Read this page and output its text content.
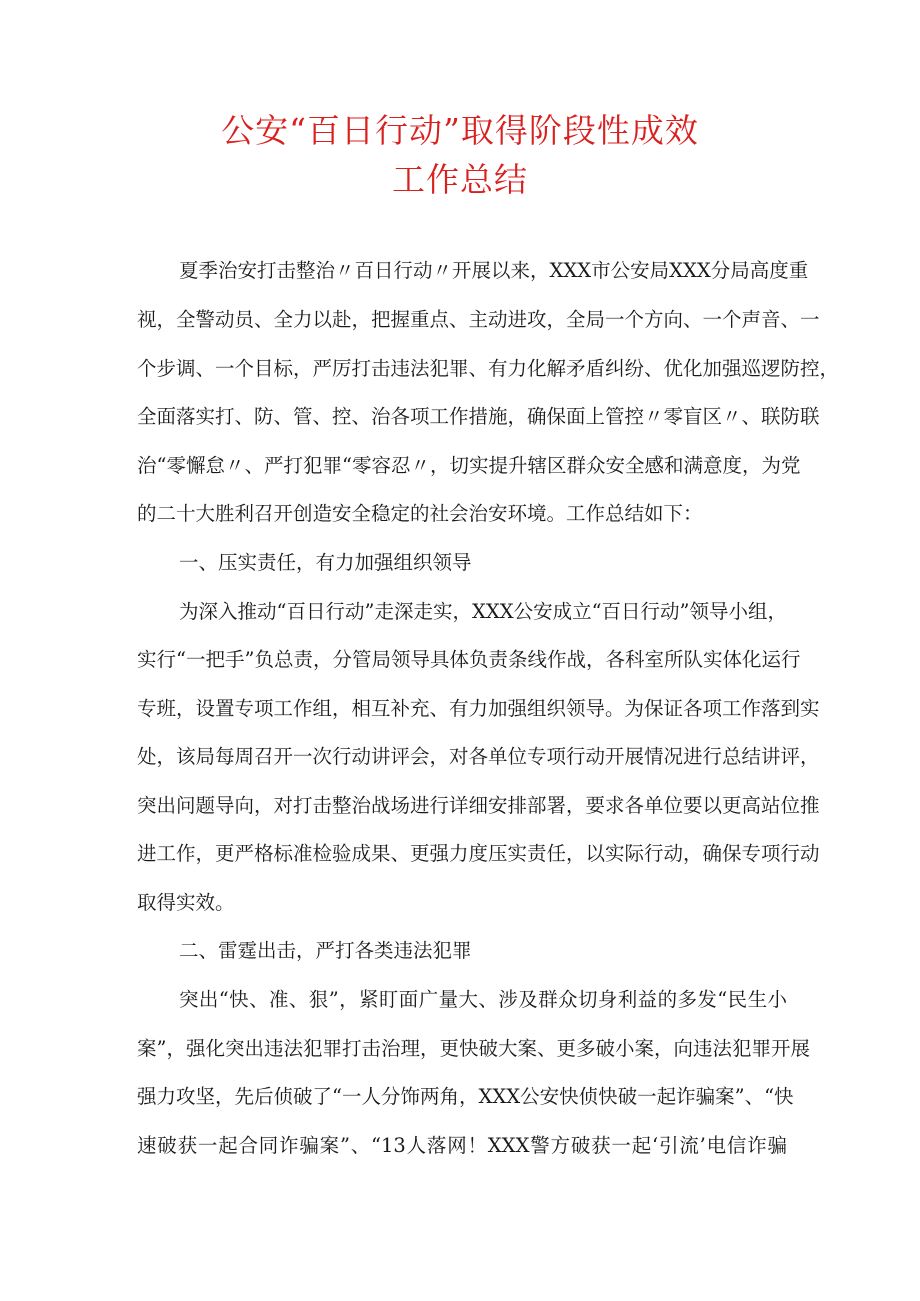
公安“百日行动”取得阶段性成效
工作总结
夏季治安打击整治〃百日行动〃开展以来，XXX市公安局XXX分局高度重
视，全警动员、全力以赴，把握重点、主动进攻，全局一个方向、一个声音、一
个步调、一个目标，严厉打击违法犯罪、有力化解矛盾纠纷、优化加强巡逻防控，
全面落实打、防、管、控、治各项工作措施，确保面上管控〃零盲区〃、联防联
治“零懈怠〃、严打犯罪“零容忍〃，切实提升辖区群众安全感和满意度，为党
的二十大胜利召开创造安全稳定的社会治安环境。工作总结如下：
一、压实责任，有力加强组织领导
为深入推动“百日行动”走深走实，XXX公安成立“百日行动”领导小组，
实行“一把手”负总责，分管局领导具体负责条线作战，各科室所队实体化运行
专班，设置专项工作组，相互补充、有力加强组织领导。为保证各项工作落到实
处，该局每周召开一次行动讲评会，对各单位专项行动开展情况进行总结讲评，
突出问题导向，对打击整治战场进行详细安排部署，要求各单位要以更高站位推
进工作，更严格标准检验成果、更强力度压实责任，以实际行动，确保专项行动
取得实效。
二、雷霆出击，严打各类违法犯罪
突出“快、准、狠”，紧盯面广量大、涉及群众切身利益的多发“民生小
案”，强化突出违法犯罪打击治理，更快破大案、更多破小案，向违法犯罪开展
强力攻坚，先后侦破了“一人分饰两角，XXX公安快侦快破一起诈骗案”、“快
速破获一起合同诈骗案”、“13人落网！XXX警方破获一起‘引流’电信诈骗
